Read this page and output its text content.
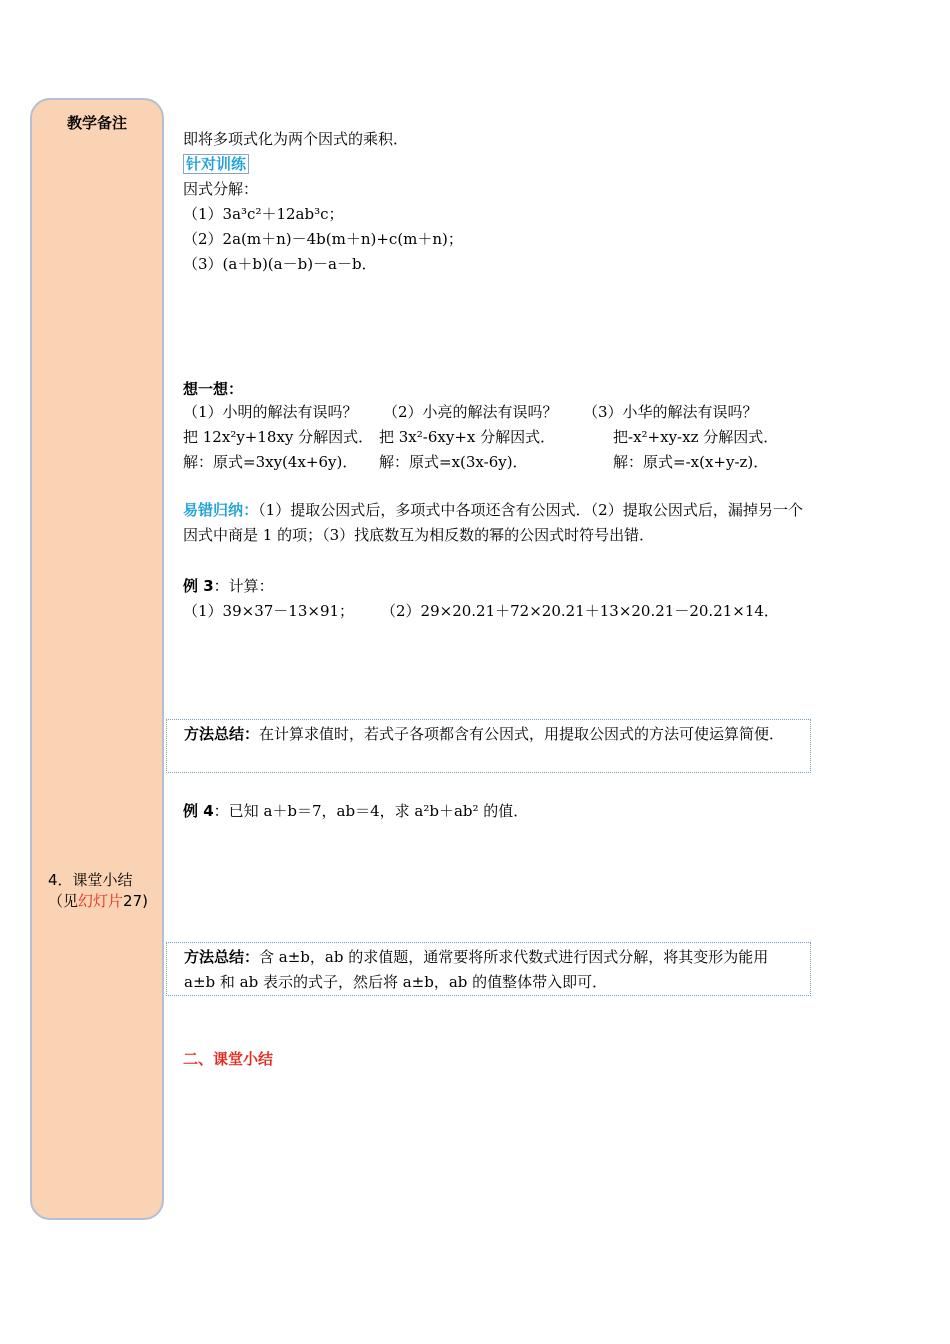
教学备注
4．课堂小结（见幻灯片27)
即将多项式化为两个因式的乘积．
针对训练
因式分解：
（1）3a³c²＋12ab³c；
（2）2a(m＋n)－4b(m＋n)+c(m＋n)；
（3）(a＋b)(a－b)－a－b．
想一想：
（1）小明的解法有误吗？ （2）小亮的解法有误吗？ （3）小华的解法有误吗？
把 12x²y+18xy 分解因式． 把 3x²-6xy+x 分解因式．	把-x²+xy-xz 分解因式．
解：原式=3xy(4x+6y)． 解：原式=x(3x-6y)．	解：原式=-x(x+y-z)．
易错归纳：（1）提取公因式后，多项式中各项还含有公因式．（2）提取公因式后，漏掉另一个因式中商是 1 的项；（3）找底数互为相反数的幂的公因式时符号出错．
例 3：计算：
（1）39×37－13×91； （2）29×20.21＋72×20.21＋13×20.21－20.21×14．
例 4：已知 a＋b＝7，ab＝4，求 a²b＋ab² 的值．
二、课堂小结
方法总结：在计算求值时，若式子各项都含有公因式，用提取公因式的方法可使运算简便．
方法总结：含 a±b，ab 的求值题，通常要将所求代数式进行因式分解，将其变形为能用 a±b 和 ab 表示的式子，然后将 a±b，ab 的值整体带入即可．
